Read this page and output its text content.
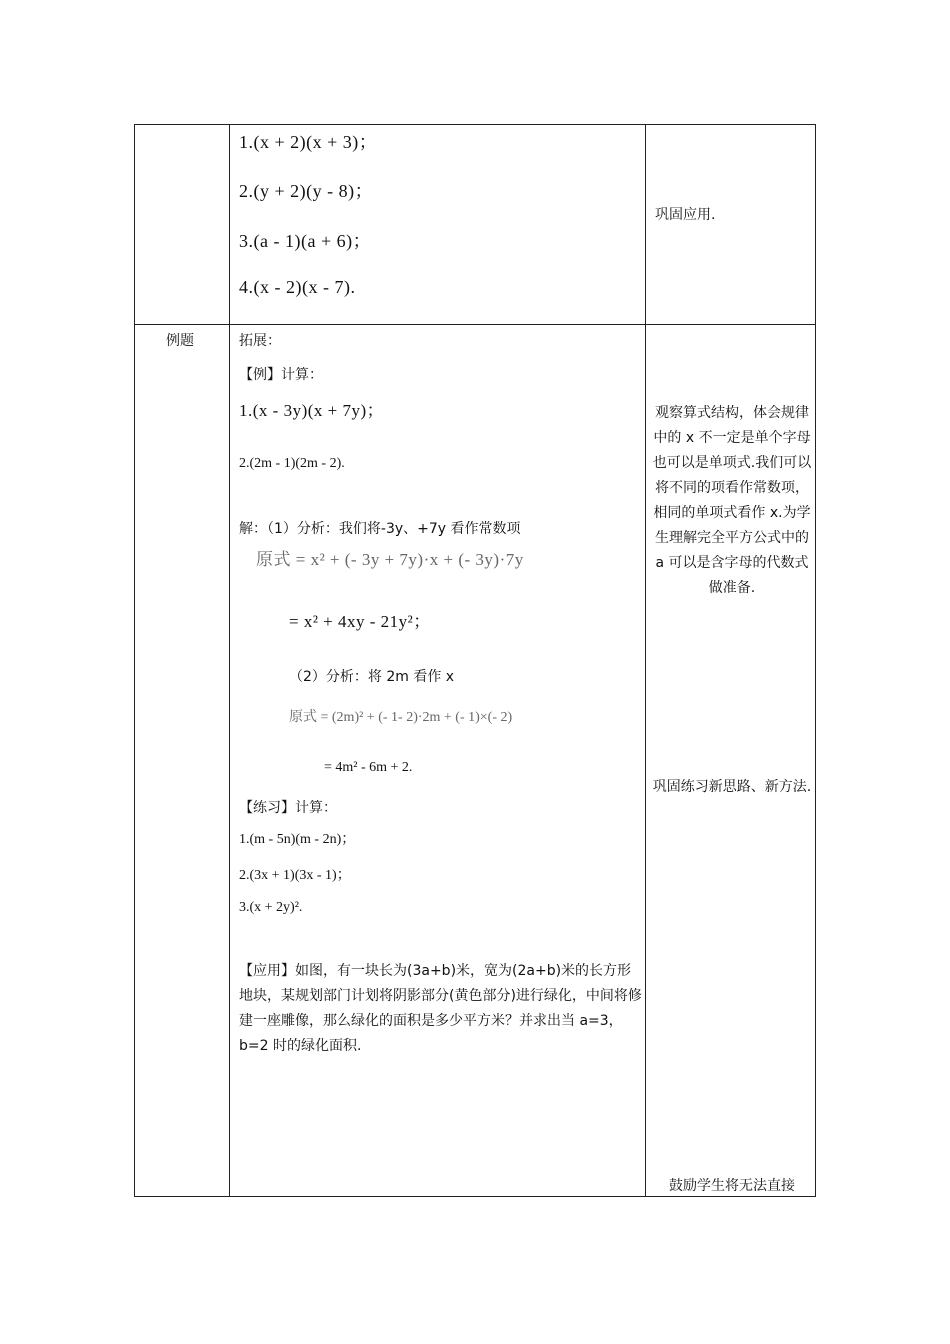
1.(x + 2)(x + 3)；
2.(y + 2)(y - 8)；
3.(a - 1)(a + 6)；
4.(x - 2)(x - 7).
巩固应用.
例题	拓展：
【例】计算：
1.(x - 3y)(x + 7y)；
2.(2m - 1)(2m - 2).
解：（1）分析：我们将-3y、+7y 看作常数项
原式 = x² + (- 3y + 7y)·x + (- 3y)·7y
= x² + 4xy - 21y²；
（2）分析：将 2m 看作 x
原式 = (2m)² + (- 1- 2)·2m + (- 1)×(- 2)
= 4m² - 6m + 2.
【练习】计算：
1.(m - 5n)(m - 2n)；
2.(3x + 1)(3x - 1)；
3.(x + 2y)².
【应用】如图，有一块长为(3a+b)米，宽为(2a+b)米的长方形地块，某规划部门计划将阴影部分(黄色部分)进行绿化，中间将修建一座雕像，那么绿化的面积是多少平方米？并求出当 a=3，b=2 时的绿化面积.
观察算式结构，体会规律中的 x 不一定是单个字母也可以是单项式.我们可以将不同的项看作常数项，相同的单项式看作 x.为学生理解完全平方公式中的 a 可以是含字母的代数式做准备.
巩固练习新思路、新方法.
鼓励学生将无法直接
